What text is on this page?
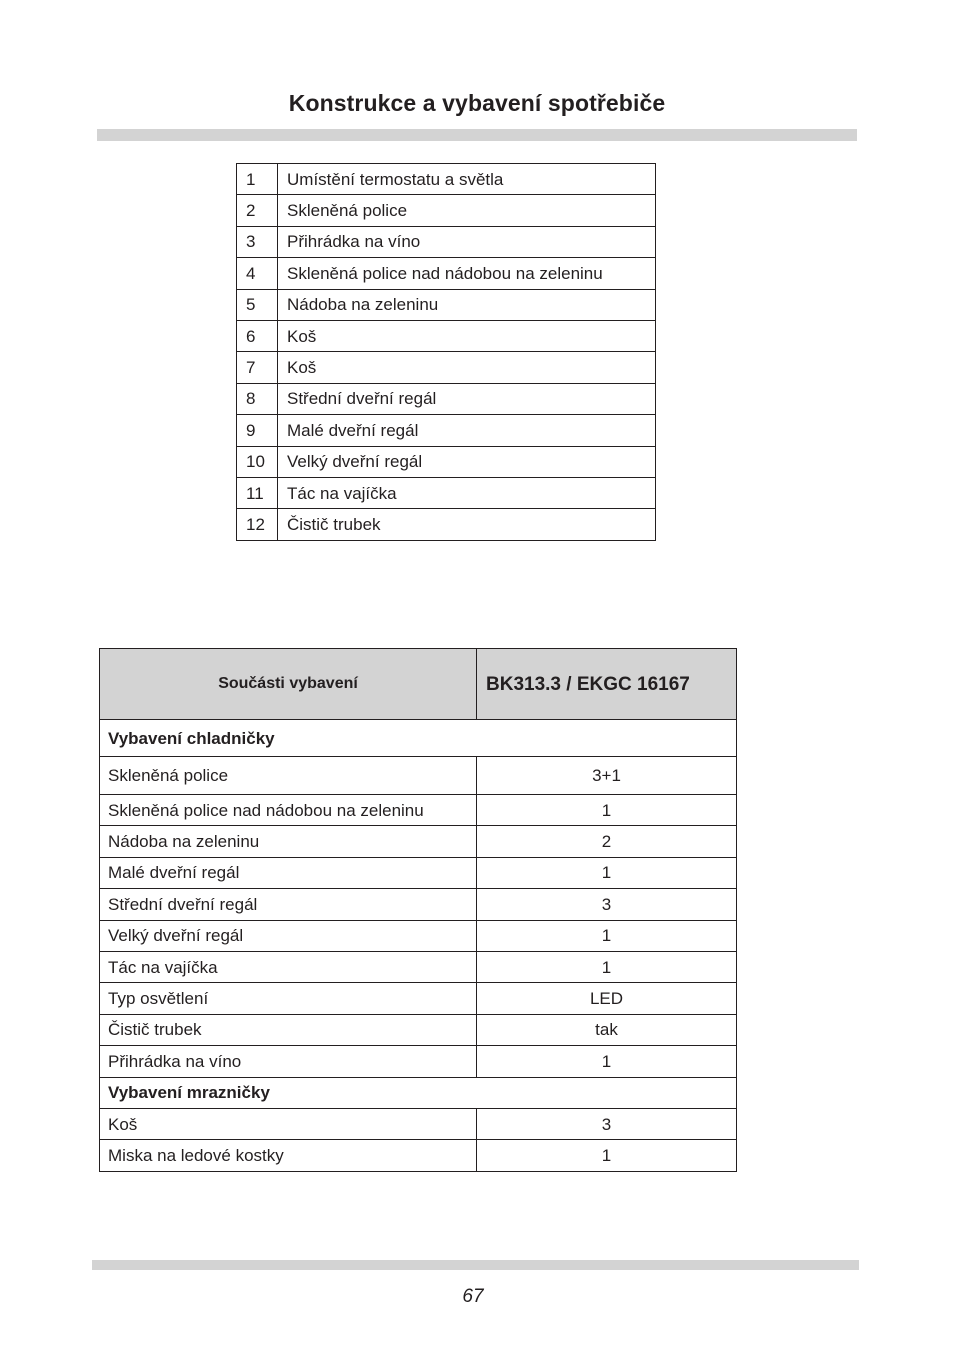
Konstrukce a vybavení spotřebiče
1	Umístění termostatu a světla
2	Skleněná police
3	Přihrádka na víno
4	Skleněná police nad nádobou na zeleninu
5	Nádoba na zeleninu
6	Koš
7	Koš
8	Střední dveřní regál
9	Malé dveřní regál
10	Velký dveřní regál
11	Tác na vajíčka
12	Čistič trubek
Součásti vybavení	BK313.3 / EKGC 16167
Vybavení chladničky	
Skleněná police	3+1
Skleněná police nad nádobou na zeleninu	1
Nádoba na zeleninu	2
Malé dveřní regál	1
Střední dveřní regál	3
Velký dveřní regál	1
Tác na vajíčka	1
Typ osvětlení	LED
Čistič trubek	tak
Přihrádka na víno	1
Vybavení mrazničky	
Koš	3
Miska na ledové kostky	1
67
